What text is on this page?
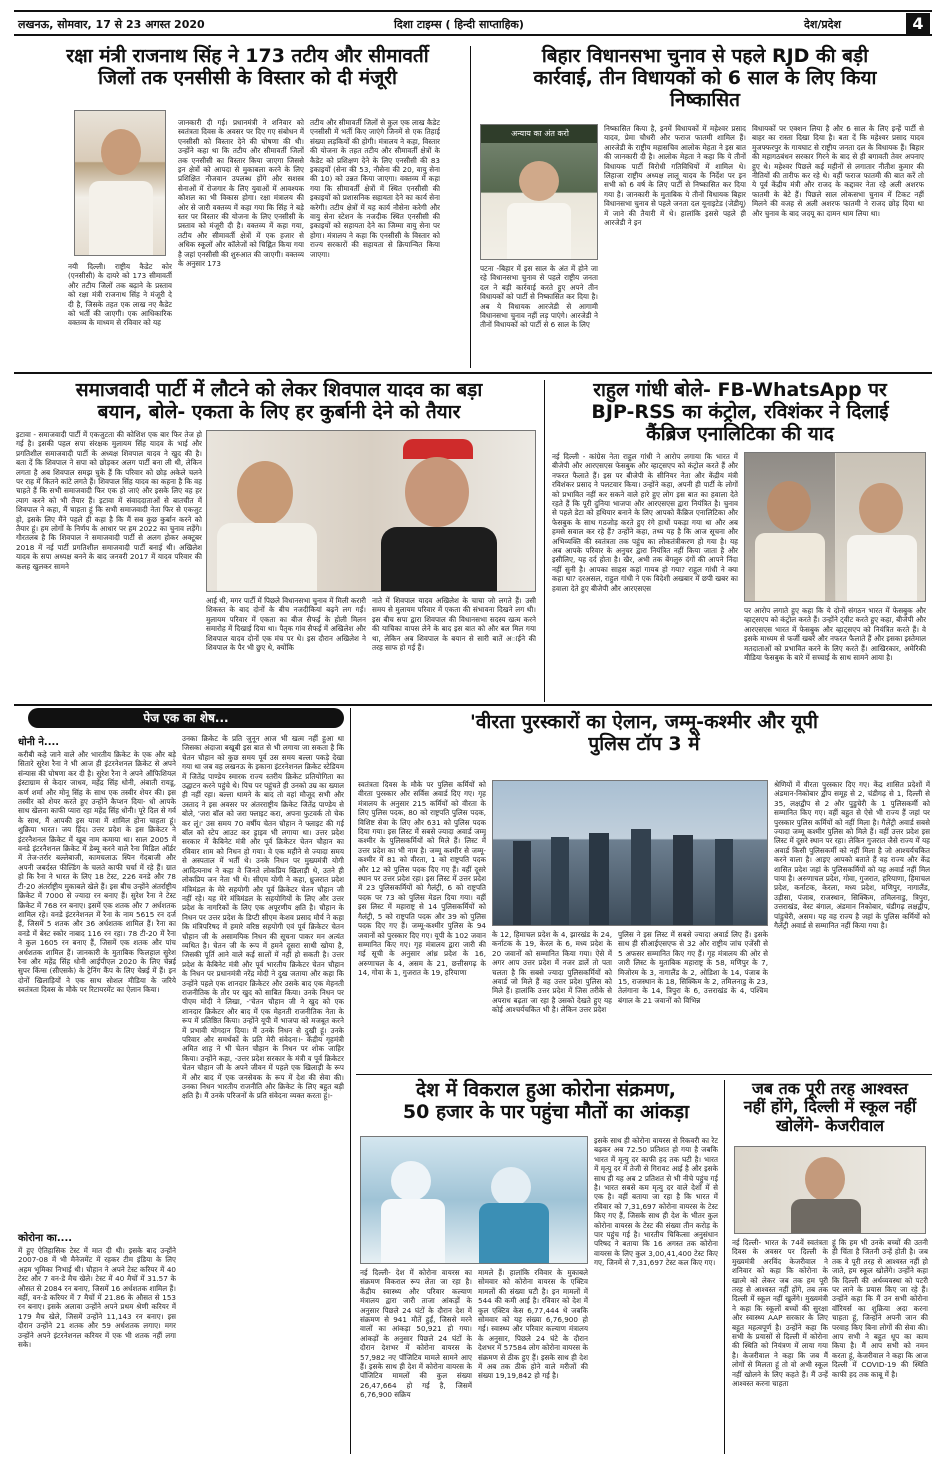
लखनऊ, सोमवार, 17 से 23 अगस्त 2020	दिशा टाइम्स ( हिन्दी साप्ताहिक)	देश/प्रदेश	4
रक्षा मंत्री राजनाथ सिंह ने 173 तटीय और सीमावर्ती
जिलों तक एनसीसी के विस्तार को दी मंजूरी
नयी दिल्ली। राष्ट्रीय कैडेट कोर (एनसीसी) के दायरे को 173 सीमावर्ती और तटीय जिलों तक बढ़ाने के प्रस्ताव को रक्षा मंत्री राजनाथ सिंह ने मंजूरी दे दी है, जिसके तहत एक लाख नए कैडेट को भर्ती की जाएगी। एक आधिकारिक वक्तव्य के माध्यम से रविवार को यह
जानकारी दी गई। प्रधानमंत्री ने शनिवार को स्वतंत्रता दिवस के अवसर पर दिए गए संबोधन में एनसीसी को विस्तार देने की घोषणा की थी। उन्होंने कहा था कि तटीय और सीमावर्ती जिलों तक एनसीसी का विस्तार किया जाएगा जिससे इन क्षेत्रों को आपदा से मुकाबला करने के लिए प्रशिक्षित नौजवान उपलब्ध होंगे और सशस्त्र सेनाओं में रोजगार के लिए युवाओं में आवश्यक कौशल का भी विकास होगा। रक्षा मंत्रालय की ओर से जारी वक्तव्य में कहा गया कि सिंह ने बड़े स्तर पर विस्तार की योजना के लिए एनसीसी के प्रस्ताव को मंजूरी दी है। वक्तव्य में कहा गया, तटीय और सीमावर्ती क्षेत्रों में एक हजार से अधिक स्कूलों और कॉलेजों को चिह्नित किया गया है जहां एनसीसी की शुरुआत की जाएगी। वक्तव्य के अनुसार 173
तटीय और सीमावर्ती जिलों से कुल एक लाख कैडेट एनसीसी में भर्ती किए जाएंगे जिनमें से एक तिहाई संख्या लड़कियों की होगी। मंत्रालय ने कहा, विस्तार की योजना के तहत तटीय और सीमावर्ती क्षेत्रों के कैडेट को प्रशिक्षण देने के लिए एनसीसी की 83 इकाइयों (सेना की 53, नौसेना की 20, वायु सेना की 10) को उन्नत किया जाएगा। वक्तव्य में कहा गया कि सीमावर्ती क्षेत्रों में स्थित एनसीसी की इकाइयों को प्रशासनिक सहायता देने का कार्य सेना करेगी। तटीय क्षेत्रों में यह कार्य नौसेना करेगी और वायु सेना स्टेशन के नजदीक स्थित एनसीसी की इकाइयों को सहायता देने का जिम्मा वायु सेना पर होगा। मंत्रालय ने कहा कि एनसीसी के विस्तार को राज्य सरकारों की सहायता से क्रियान्वित किया जाएगा।
बिहार विधानसभा चुनाव से पहले RJD की बड़ी
कार्रवाई, तीन विधायकों को 6 साल के लिए किया
निष्कासित
अन्याय का अंत करो
पटना -बिहार में इस साल के अंत में होने जा रहे विधानसभा चुनाव से पहले राष्ट्रीय जनता दल ने बड़ी कार्रवाई करते हुए अपने तीन विधायकों को पार्टी से निष्कासित कर दिया है। अब ये विधायक आरजेडी से आगामी विधानसभा चुनाव नहीं लड़ पाएंगे। आरजेडी ने तीनों विधायकों को पार्टी से 6 साल के लिए
निष्कासित किया है, इनमें विधायकों में महेश्वर प्रसाद यादव, प्रेमा चौधरी और फराज फातमी शामिल हैं। आरजेडी के राष्ट्रीय महासचिव आलोक मेहता ने इस बात की जानकारी दी है। आलोक मेहता ने कहा कि ये तीनों विधायक पार्टी विरोधी गतिविधियों में शामिल थे। लिहाजा राष्ट्रीय अध्यक्ष लालू यादव के निर्देश पर इन सभी को 6 वर्ष के लिए पार्टी से निष्कासित कर दिया गया है। जानकारी के मुताबिक ये तीनों विधायक बिहार विधानसभा चुनाव से पहले जनता दल यूनाइटेड (जेडीयू) में जाने की तैयारी में थे। हालांकि इससे पहले ही आरजेडी ने इन
विधायकों पर एक्शन लिया है और 6 साल के लिए इन्हें पार्टी से बाहर का रास्ता दिखा दिया है। बता दें कि महेश्वर प्रसाद यादव मुजफ्फरपुर के गायघाट से राष्ट्रीय जनता दल के विधायक हैं। बिहार की महागठबंधन सरकार गिरने के बाद से ही बगावती तेवर अपनाए हुए थे। महेश्वर पिछले कई महीनों से लगातार नीतीश कुमार की नीतियों की तारीफ कर रहे थे। वहीं फराज फातमी की बात करें तो ये पूर्व केंद्रीय मंत्री और राजद के कद्दावर नेता रहे अली अशरफ फातमी के बेटे हैं। पिछले साल लोकसभा चुनाव में टिकट नहीं मिलने की वजह से अली अशरफ फातमी ने राजद छोड़ दिया था और चुनाव के बाद जदयू का दामन थाम लिया था।
समाजवादी पार्टी में लौटने को लेकर शिवपाल यादव का बड़ा
बयान, बोले- एकता के लिए हर कुर्बानी देने को तैयार
इटावा - समाजवादी पार्टी में एकजुटता की कोशिश एक बार फिर तेज हो गई है। इसकी पहल सपा संरक्षक मुलायम सिंह यादव के भाई और प्रगतिशील समाजवादी पार्टी के अध्यक्ष शिवपाल यादव ने खुद की है। बता दें कि शिवपाल ने सपा को छोड़कर अलग पार्टी बना ली थी, लेकिन लगता है अब शिवपाल समझ चुके हैं कि परिवार को छोड़ अकेले चलने पर राह में कितने कांटे लगते हैं। शिवपाल सिंह यादव का कहना है कि वह चाहते हैं कि सभी समाजवादी फिर एक हो जाएं और इसके लिए वह हर त्याग करने को भी तैयार हैं। इटावा में संवाददाताओं से बातचीत में शिवपाल ने कहा, मैं चाहता हूं कि सभी समाजवादी नेता फिर से एकजुट हो, इसके लिए मैंने पहले ही कहा है कि मैं सब कुछ कुर्बान करने को तैयार हूं। हम लोगों के निर्णय के आधार पर हम 2022 का चुनाव लड़ेंगे। गौरतलब है कि शिवपाल ने समाजवादी पार्टी से अलग होकर अक्टूबर 2018 में नई पार्टी प्रगतिशील समाजवादी पार्टी बनाई थी। अखिलेश यादव के सपा अध्यक्ष बनने के बाद जनवरी 2017 में यादव परिवार की कलह खुलकर सामने
आई थी, मगर पार्टी में पिछले विधानसभा चुनाव में मिली करारी शिकस्त के बाद दोनों के बीच नजदीकियां बढ़ने लग गईं। मुलायम परिवार में एकता का बीज सैफई के होली मिलन समारोह में दिखाई दिया था। पैतृक गांव सैफई में अखिलेश और शिवपाल यादव दोनों एक मंच पर थे। इस दौरान अखिलेश ने शिवपाल के पैर भी छुए थे, क्योंकि
नाते में शिवपाल यादव अखिलेश के चाचा जो लगते हैं। उसी समय से मुलायम परिवार में एकता की संभावना दिखने लग थी। इस बीच सपा द्वारा शिवपाल की विधानसभा सदस्य खत्म करने की याचिका वापस लेने के बाद इस बात को और बल मिल गया था, लेकिन अब शिवपाल के बयान से सारी बातें अाईने की तरह साफ हो गई हैं।
राहुल गांधी बोले- FB-WhatsApp पर
BJP-RSS का कंट्रोल, रविशंकर ने दिलाई
कैंब्रिज एनालिटिका की याद
नई दिल्ली - कांग्रेस नेता राहुल गांधी ने आरोप लगाया कि भारत में बीजेपी और आरएसएस फेसबुक और व्हाट्सएप को कंट्रोल करते हैं और नफरत फैलाते हैं। इस पर बीजेपी के सीनियर नेता और केंद्रीय मंत्री रविशंकर प्रसाद ने पलटवार किया। उन्होंने कहा, अपनी ही पार्टी के लोगों को प्रभावित नहीं कर सकने वाले हारे हुए लोग इस बात का हवाला देते रहते हैं कि पूरी दुनिया भाजपा और आरएसएस द्वारा नियंत्रित है। चुनाव से पहले डेटा को हथियार बनाने के लिए आपको कैंब्रिज एनालिटिका और फेसबुक के साथ गठजोड़ करते हुए रंगे हाथों पकड़ा गया था और अब हमसे सवाल कर रहे हैं? उन्होंने कहा, तथ्य यह है कि आज सूचना और अभिव्यक्ति की स्वतंत्रता तक पहुंच का लोकतंत्रीकरण हो गया है। यह अब आपके परिवार के अनुचर द्वारा नियंत्रित नहीं किया जाता है और इसीलिए, यह दर्द होता है। खैर, अभी तक बेंगलुरु दंगों की आपने निंदा नहीं सुनी है। आपका साहस कहां गायब हो गया? राहुल गांधी ने क्या कहा था? दरअसल, राहुल गांधी ने एक विदेशी अखबार में छपी खबर का हवाला देते हुए बीजेपी और आरएसएस
पर आरोप लगाते हुए कहा कि ये दोनों संगठन भारत में फेसबुक और व्हाट्सएप को कंट्रोल करते हैं। उन्होंने ट्वीट करते हुए कहा, बीजेपी और आरएसएस भारत में फेसबुक और व्हाट्सएप को नियंत्रित करते हैं। वे इसके माध्यम से फर्जी खबरें और नफरत फैलाते हैं और इसका इस्तेमाल मतदाताओं को प्रभावित करने के लिए करते हैं। आखिरकार, अमेरिकी मीडिया फेसबुक के बारे में सच्चाई के साथ सामने आया है।
पेज एक का शेष...
धोनी ने....
करीबी कहे जाने वाले और भारतीय क्रिकेट के एक और बड़े सितारे सुरेश रैना ने भी आज ही इंटरनेशनल क्रिकेट से अपने संन्यास की घोषणा कर दी है। सुरेश रैना ने अपने ऑफिशियल इंस्टाग्राम से केदार जाधव, महेंद्र सिंह धोनी, अंबाती रायडू, कर्ण शर्मा और मोनू सिंह के साथ एक तस्वीर शेयर की। इस तस्वीर को शेयर करते हुए उन्होंने कैप्शन दिया- धो आपके साथ खेलना काफी प्यारा रहा महेंद्र सिंह धोनी। पूरे दिल से गर्व के साथ, मैं आपकी इस यात्रा में शामिल होना चाहता हूं। शुक्रिया भारत। जय हिंद। उत्तर प्रदेश के इस क्रिकेटर ने इंटरनैशनल क्रिकेट में खूब नाम कमाया था। साल 2005 में वनडे इंटरनैशनल क्रिकेट में डेब्यू करने वाले रैना मिडिल ऑर्डर में तेज-तर्रार बल्लेबाजी, कामचलाऊ स्पिन गेंदबाजी और अपनी जबर्दस्त फील्डिंग के चलते काफी चर्चा में रहे हैं। ग्रात हो कि रैना ने भारत के लिए 18 टेस्ट, 226 वनडे और 78 टी-20 अंतर्राष्ट्रीय मुकाबले खेले हैं। इस बीच उन्होंने अंतर्राष्ट्रीय क्रिकेट में 7000 से ज्यादा रन बनाए हैं। सुरेश रैना ने टेस्ट क्रिकेट में 768 रन बनाए। इसमें एक शतक और 7 अर्धशतक शामिल रहे। वनडे इंटरनेशनल में रैना के नाम 5615 रन दर्ज हैं, जिसमें 5 शतक और 36 अर्धशतक शामिल हैं। रैना का वनडे में बेस्ट स्कोर नाबाद 116 रन रहा। 78 टी-20 में रैना ने कुल 1605 रन बनाए हैं, जिसमें एक शतक और पांच अर्धशतक शामिल हैं। जानकारी के मुताबिक फिलहाल सुरेश रैना और महेंद्र सिंह धोनी आईपीएल 2020 के लिए चेन्नई सुपर किंग्स (सीएसके) के ट्रेनिंग कैंप के लिए चेन्नई में हैं। इन दोनों खिलाड़ियों ने एक साथ सोशल मीडिया के जरिये स्वतंत्रता दिवस के मौके पर रिटायरमेंट का ऐलान किया।
कोरोना का....
में हुए ऐतिहासिक टेस्ट में मात दी थी। इसके बाद उन्होंने 2007-08 में भी मैनेजमेंट में रहकर टीम इंडिया के लिए अहम भूमिका निभाई थी। चौहान ने अपने टेस्ट करियर में 40 टेस्ट और 7 वन-डे मैच खेले। टेस्ट में 40 मैचों में 31.57 के औसत से 2084 रन बनाए, जिसमें 16 अर्धशतक शामिल हैं। वहीं, वन-डे करियर में 7 मैचों में 21.86 के औसत से 153 रन बनाए। इसके अलावा उन्होंने अपने प्रथम श्रेणी करियर में 179 मैच खेले, जिसमें उन्होंने 11,143 रन बनाए। इस दौरान उन्होंने 21 शतक और 59 अर्धशतक लगाए। मगर उन्होंने अपने इंटरनेशनल करियर में एक भी शतक नहीं लगा सके।
उनका क्रिकेट के प्रति जुनून आज भी खत्म नहीं हुआ था जिसका अंदाजा बखूबी इस बात से भी लगाया जा सकता है कि चेतन चौहान को कुछ समय पूर्व उस समय बल्ला पकड़े देखा गया था जब वह लखनऊ के इकाना इंटरनेशनल क्रिकेट स्टेडियम में जितेंद्र पाण्डेय स्मारक राज्य स्तरीय क्रिकेट प्रतियोगिता का उद्घाटन करने पहुंचे थे। पिच पर पहुंचते ही उनको उम्र का ख्याल ही नहीं रहा। बल्ला थामने के बाद तो वहां मौजूद सभी और उस्ताद ने इस अवसर पर अंतरराष्ट्रीय क्रिकेट जितेंद्र पाण्डेय से बोले, 'जरा बॉल को जरा फ्लाइट करा, अपना फुटवर्क तो चेक कर लूं।' उस समय 70 वर्षीय चेतन चौहान ने फ्लाइट की गई बॉल को स्टेप आउट कर ड्राइव भी लगाया था। उत्तर प्रदेश सरकार में कैबिनेट मंत्री और पूर्व क्रिकेटर चेतन चौहान का रविवार शाम को निधन हो गया। वे एक महीने से ज्यादा समय से अस्पताल में भर्ती थे। उनके निधन पर मुख्यमंत्री योगी आदित्यनाथ ने कहा वे जिनते लोकप्रिय खिलाड़ी थे, उतने ही लोकप्रिय जन नेता भी थे। सीएम योगी ने कहा, ध्रुजरात प्रदेश मंत्रिमंडल के मेरे सहयोगी और पूर्व क्रिकेटर चेतन चौहान जी नहीं रहे। यह मेरे मंत्रिमंडल के सहयोगियों के लिए और उत्तर प्रदेश के नागरिकों के लिए एक अपूरणीय क्षति है। चौहान के निधन पर उत्तर प्रदेश के डिप्टी सीएम केशव प्रसाद मौर्य ने कहा कि मंत्रिपरिषद में हमारे वरिष्ठ सहयोगी एवं पूर्व क्रिकेटर चेतन चौहान जी के असामयिक निधन की सूचना पाकर मन अत्यंत व्यथित है। चेतन जी के रूप में हमने दूसरा साथी खोया है, जिसकी पूर्ति आने वाले कई सालों में नहीं हो सकती है। उत्तर प्रदेश के कैबिनेट मंत्री और पूर्व भारतीय क्रिकेटर चेतन चौहान के निधन पर प्रधानमंत्री नरेंद्र मोदी ने दुख जताया और कहा कि उन्होंने पहले एक शानदार क्रिकेटर और उसके बाद एक मेहनती राजनीतिक के तौर पर खुद को साबित किया। उनके निधन पर पीएम मोदी ने लिखा, -'चेतन चौहान जी ने खुद को एक शानदार क्रिकेटर और बाद में एक मेहनती राजनीतिक नेता के रूप में प्रतिष्ठित किया। उन्होंने यूपी में भाजपा को मजबूत करने में प्रभावी योगदान दिया। मैं उनके निधन से दुखी हूं। उनके परिवार और समर्थकों के प्रति मेरी संवेदना।- केंद्रीय गृहमंत्री अमित शाह ने भी चेतन चौहान के निधन पर शोक जाहिर किया। उन्होंने कहा, -उत्तर प्रदेश सरकार के मंत्री व पूर्व क्रिकेटर चेतन चौहान जी के अपने जीवन में पहले एक खिलाड़ी के रूप में और बाद में एक जनसेवक के रूप में देश की सेवा की। उनका निधन भारतीय राजनीति और क्रिकेट के लिए बहुत बड़ी क्षति है। मैं उनके परिजनों के प्रति संवेदना व्यक्त करता हूं।-
'वीरता पुरस्कारों का ऐलान, जम्मू-कश्मीर और यूपी
पुलिस टॉप 3 में
स्वतंत्रता दिवस के मौके पर पुलिस कर्मियों को वीरता पुरस्कार और सर्विस अवार्ड दिए गए। गृह मंत्रालय के अनुसार 215 कर्मियों को वीरता के लिए पुलिस पदक, 80 को राष्ट्रपति पुलिस पदक, विशिष्ट सेवा के लिए और 631 को पुलिस पदक दिया गया। इस लिस्ट में सबसे ज्यादा अवार्ड जम्मू कश्मीर के पुलिसकर्मियों को मिले हैं। लिस्ट में उत्तर प्रदेश का भी नाम है। जम्मू कश्मीर से जम्मू-कश्मीर में 81 को वीरता, 1 को राष्ट्रपति पदक और 12 को पुलिस पदक दिए गए हैं। वहीं दूसरे स्थान पर उत्तर प्रदेश रहा। इस लिस्ट में उत्तर प्रदेश में 23 पुलिसकर्मियों को गैलंट्री, 6 को राष्ट्रपति पदक पर 73 को पुलिस मेडल दिया गया। वहीं इस लिस्ट में महाराष्ट्र से 14 पुलिसकर्मियों को गैलंट्री, 5 को राष्ट्रपति पदक और 39 को पुलिस पदक दिए गए हैं। जम्मू-कश्मीर पुलिस के 94 जवानों को पुरस्कार दिए गए। यूपी के 102 जवान सम्मानित किए गए। गृह मंत्रालय द्वारा जारी की गई सूची के अनुसार आंध्र प्रदेश के 16, अरुणाचल के 4, असम के 21, छत्तीसगढ़ के 14, गोवा के 1, गुजरात के 19, हरियाणा
के 12, हिमाचल प्रदेश के 4, झारखंड के 24, कर्नाटक के 19, केरल के 6, मध्य प्रदेश के 20 जवानों को सम्मानित किया गया। ऐसे में अगर आप उत्तर प्रदेश में नजर डालें तो पता चलता है कि सबसे ज्यादा पुलिसकर्मियों को अवार्ड जो मिले हैं वह उत्तर प्रदेश पुलिस को मिले हैं। हालांकि उत्तर प्रदेश में जिस तरीके से अपराध बढ़ता जा रहा है उसको देखते हुए यह कोई आश्चर्यचकित भी है। लेकिन उत्तर प्रदेश
पुलिस ने इस लिस्ट में सबसे ज्यादा अवार्ड लिए हैं। इसके साथ ही सीआईएसएफ से 32 और राष्ट्रीय जांच एजेंसी से 5 अफसर सम्मानित किए गए हैं। गृह मंत्रालय की ओर से जारी लिस्ट के मुताबिक महाराष्ट्र के 58, मणिपुर के 7, मिजोरम के 3, नागालैंड के 2, ओडिशा के 14, पंजाब के 15, राजस्थान के 18, सिक्किम के 2, तमिलनाडु के 23, तेलंगाना के 14, त्रिपुरा के 6, उत्तराखंड के 4, पश्चिम बंगाल के 21 जवानों को विभिन्न
श्रेणियों में वीरता पुरस्कार दिए गए। केंद्र शासित प्रदेशों में अंडमान-निकोबार द्वीप समूह से 2, चंडीगढ़ से 1, दिल्ली से 35, लक्षद्वीप से 2 और पुडुचेरी के 1 पुलिसकर्मी को सम्मानित किए गए। वहीं बहुत से ऐसे भी राज्य हैं जहां पर पुरस्कार पुलिस कर्मियों को नहीं मिला है। गैलेंट्री अवार्ड सबसे ज्यादा जम्मू कश्मीर पुलिस को मिले हैं। वहीं उत्तर प्रदेश इस लिस्ट में दूसरे स्थान पर रहा। लेकिन गुजरात जैसे राज्य में यह अवार्ड किसी पुलिसकर्मी को नहीं मिला है जो आश्चर्यचकित करने वाला है। आइए आपको बताते हैं वह राज्य और केंद्र शासित प्रदेश जहां के पुलिसकर्मियों को यह अवार्ड नहीं मिल पाया है। अरुणाचल प्रदेश, गोवा, गुजरात, हरियाणा, हिमाचल प्रदेश, कर्नाटक, केरला, मध्य प्रदेश, मणिपुर, नागालैंड, उड़ीसा, पंजाब, राजस्थान, सिक्किम, तमिलनाडु, त्रिपुरा, उत्तराखंड, वेस्ट बंगाल, अंडमान निकोबार, चंडीगढ़ लक्षद्वीप, पांडुचेरी, असम। यह वह राज्य है जहां के पुलिस कर्मियों को गैलेंट्री अवार्ड से सम्मानित नहीं किया गया है।
देश में विकराल हुआ कोरोना संक्रमण,
50 हजार के पार पहुंचा मौतों का आंकड़ा
नई दिल्ली- देश में कोरोना वायरस का संक्रमण विकराल रूप लेता जा रहा है। केंद्रीय स्वास्थ्य और परिवार कल्याण मंत्रालय द्वारा जारी ताजा आंकड़ों के अनुसार पिछले 24 घंटों के दौरान देश में संक्रमण से 941 मौतें हुईं, जिससे मरने वालों का आंकड़ा 50,921 हो गया। आंकड़ों के अनुसार पिछले 24 घंटों के दौरान देशभर में कोरोना वायरस के 57,982 नए पॉजिटिव मामले सामने आए हैं। इसके साथ ही देश में कोरोना वायरस के पॉजिटिव मामलों की कुल संख्या 26,47,664 हो गई है, जिसमें 6,76,900 सक्रिय
मामले हैं। हालांकि रविवार के मुकाबले सोमवार को कोरोना वायरस के एक्टिव मामलों की संख्या घटी है। इन मामलों में 544 की कमी आई है। रविवार को देश में कुल एक्टिव केस 6,77,444 थे जबकि सोमवार को यह संख्या 6,76,900 हो गई। स्वास्थ्य और परिवार कल्याण मंत्रालय के अनुसार, पिछले 24 घंटे के दौरान देशभर में 57584 लोग कोरोना वायरस के संक्रमण से ठीक हुए हैं। इसके साथ ही देश में अब तक ठीक होने वाले मरीजों की संख्या 19,19,842 हो गई है।
इसके साथ ही कोरोना वायरस से रिकवरी का रेट बढ़कर अब 72.50 प्रतिशत हो गया है जबकि भारत में मृत्यु दर काफी हद तक घटी है। भारत में मृत्यु दर में तेजी से गिरावट आई है और इसके साथ ही यह अब 2 प्रतिशत से भी नीचे पहुंच गई है। भारत सबसे कम मृत्यु दर वाले देशों में से एक है। वहीं बताया जा रहा है कि भारत में रविवार को 7,31,697 कोरोना वायरस के टेस्ट किए गए हैं, जिसके साथ ही देश के भीतर कुल कोरोना वायरस के टेस्ट की संख्या तीन करोड़ के पार पहुंच गई है। भारतीय चिकित्सा अनुसंधान परिषद ने बताया कि 16 अगस्त तक कोरोना वायरस के लिए कुल 3,00,41,400 टेस्ट किए गए, जिनमें से 7,31,697 टेस्ट कल किए गए।
जब तक पूरी तरह आश्वस्त
नहीं होंगे, दिल्ली में स्कूल नहीं
खोलेंगे- केजरीवाल
नई दिल्ली- भारत के 74वें स्वतंत्रता दिवस के अवसर पर दिल्ली के मुख्यमंत्री अरविंद केजरीवाल ने शनिवार को कहा कि कोरोना के खात्मे को लेकर जब तक हम पूरी तरह से आश्वस्त नहीं होंगे, तब तक दिल्ली में स्कूल नहीं खुलेंगे। मुख्यमंत्री ने कहा कि स्कूलों बच्चों की सुरक्षा और स्वास्थ्य AAP सरकार के लिए बहुत महत्वपूर्ण है। उन्होंने कहा कि सभी के प्रयासों से दिल्ली में कोरोना की स्थिति को नियंत्रण में लाया गया है। केजरीवाल ने कहा कि जब मैं लोगों से मिलता हूं तो वो अभी स्कूल नहीं खोलने के लिए कहते हैं। मैं उन्हें आश्वस्त करना चाहता
हूं कि हम भी उनके बच्चों की उतनी ही चिंता है जितनी उन्हें होती है। जब तक वे पूरी तरह से आश्वस्त नहीं हो जाते, हम स्कूल खोलेंगे। उन्होंने कहा कि दिल्ली की अर्थव्यवस्था को पटरी पर लाने के प्रयास किए जा रहे हैं। उन्होंने कहा कि मैं उन सभी कोरोना वॉरियर्स का शुक्रिया अदा करना चाहता हूं, जिन्होंने अपनी जान की परवाह किए बिना लोगों की सेवा की। आप सभी ने बहुत धूप का काम किया है। मैं आप सभी को नमन करता हूं, केजरीवाल ने कहा कि आज दिल्ली में COVID-19 की स्थिति काफी हद तक काबू में है।
